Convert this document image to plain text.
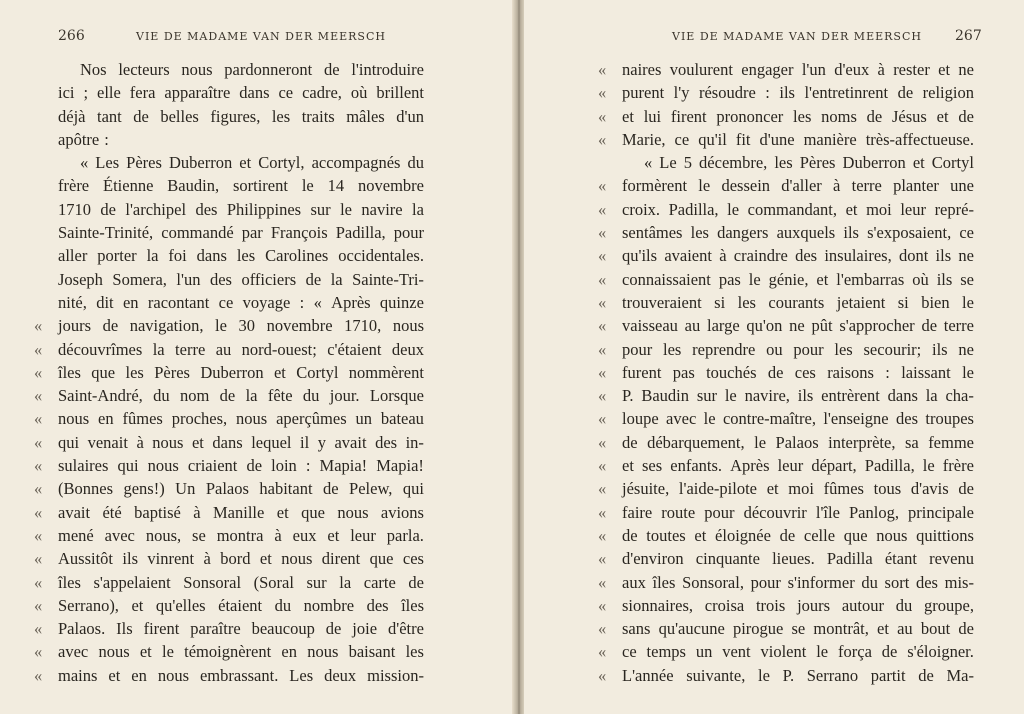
266	VIE DE MADAME VAN DER MEERSCH
Nos lecteurs nous pardonneront de l'introduire
ici ; elle fera apparaître dans ce cadre, où brillent
déjà tant de belles figures, les traits mâles d'un
apôtre :
« Les Pères Duberron et Cortyl, accompagnés du
frère Étienne Baudin, sortirent le 14 novembre
1710 de l'archipel des Philippines sur le navire la
Sainte-Trinité, commandé par François Padilla, pour
aller porter la foi dans les Carolines occidentales.
Joseph Somera, l'un des officiers de la Sainte-Tri-
nité, dit en racontant ce voyage : « Après quinze
« jours de navigation, le 30 novembre 1710, nous
« découvrîmes la terre au nord-ouest; c'étaient deux
« îles que les Pères Duberron et Cortyl nommèrent
« Saint-André, du nom de la fête du jour. Lorsque
« nous en fûmes proches, nous aperçûmes un bateau
« qui venait à nous et dans lequel il y avait des in-
« sulaires qui nous criaient de loin : Mapia! Mapia!
« (Bonnes gens!) Un Palaos habitant de Pelew, qui
« avait été baptisé à Manille et que nous avions
« mené avec nous, se montra à eux et leur parla.
« Aussitôt ils vinrent à bord et nous dirent que ces
« îles s'appelaient Sonsoral (Soral sur la carte de
« Serrano), et qu'elles étaient du nombre des îles
« Palaos. Ils firent paraître beaucoup de joie d'être
« avec nous et le témoignèrent en nous baisant les
« mains et en nous embrassant. Les deux mission-
VIE DE MADAME VAN DER MEERSCH 267
« naires voulurent engager l'un d'eux à rester et ne
« purent l'y résoudre : ils l'entretinrent de religion
« et lui firent prononcer les noms de Jésus et de
« Marie, ce qu'il fit d'une manière très-affectueuse.
« Le 5 décembre, les Pères Duberron et Cortyl
« formèrent le dessein d'aller à terre planter une
« croix. Padilla, le commandant, et moi leur repré-
« sentâmes les dangers auxquels ils s'exposaient, ce
« qu'ils avaient à craindre des insulaires, dont ils ne
« connaissaient pas le génie, et l'embarras où ils se
« trouveraient si les courants jetaient si bien le
« vaisseau au large qu'on ne pût s'approcher de terre
« pour les reprendre ou pour les secourir; ils ne
« furent pas touchés de ces raisons : laissant le
« P. Baudin sur le navire, ils entrèrent dans la cha-
« loupe avec le contre-maître, l'enseigne des troupes
« de débarquement, le Palaos interprète, sa femme
« et ses enfants. Après leur départ, Padilla, le frère
« jésuite, l'aide-pilote et moi fûmes tous d'avis de
« faire route pour découvrir l'île Panlog, principale
« de toutes et éloignée de celle que nous quittions
« d'environ cinquante lieues. Padilla étant revenu
« aux îles Sonsoral, pour s'informer du sort des mis-
« sionnaires, croisa trois jours autour du groupe,
« sans qu'aucune pirogue se montrât, et au bout de
« ce temps un vent violent le força de s'éloigner.
« L'année suivante, le P. Serrano partit de Ma-
